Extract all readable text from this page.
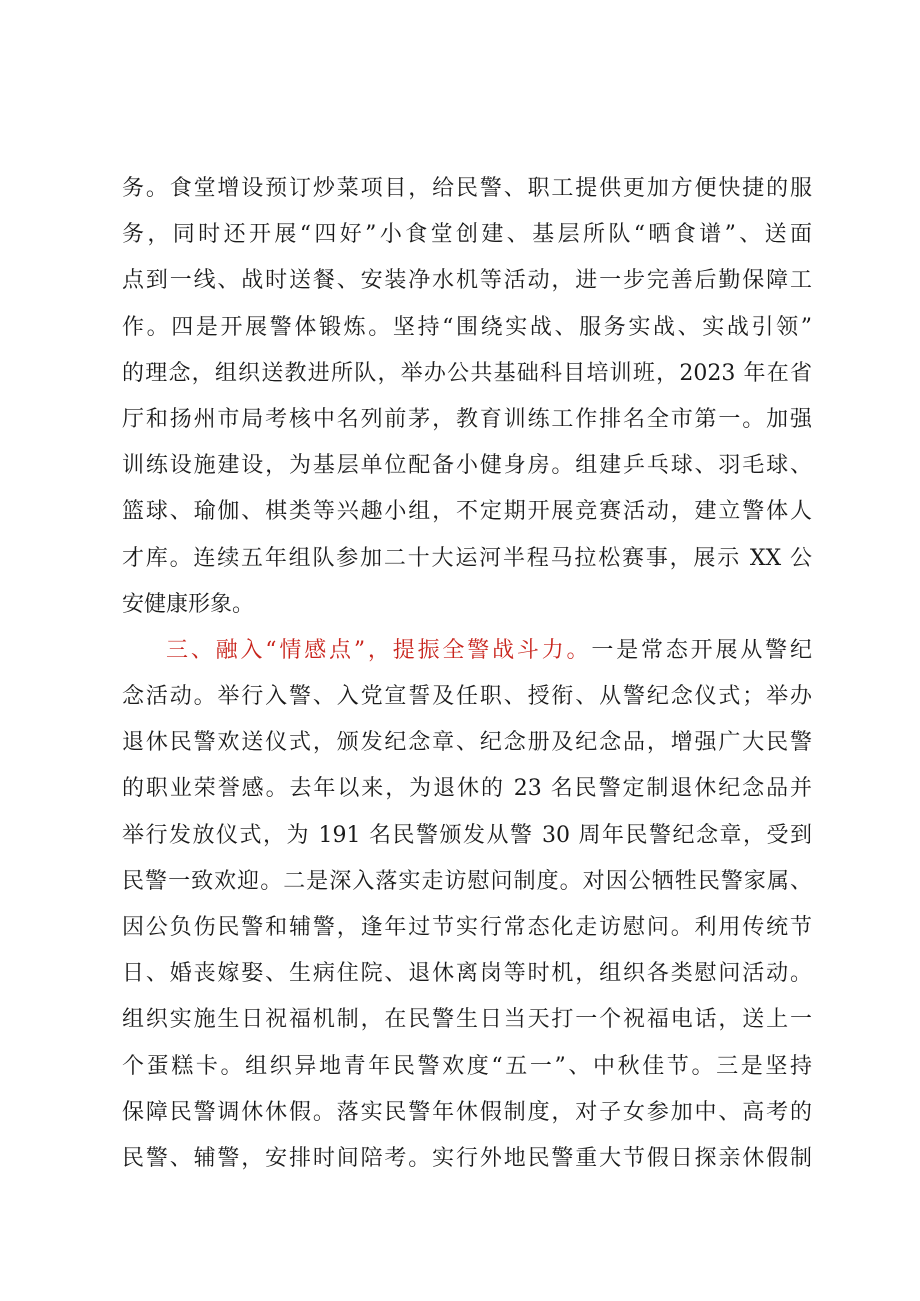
务。食堂增设预订炒菜项目，给民警、职工提供更加方便快捷的服
务，同时还开展“四好”小食堂创建、基层所队“晒食谱”、送面
点到一线、战时送餐、安装净水机等活动，进一步完善后勤保障工
作。四是开展警体锻炼。坚持“围绕实战、服务实战、实战引领”
的理念，组织送教进所队，举办公共基础科目培训班，2023 年在省
厅和扬州市局考核中名列前茅，教育训练工作排名全市第一。加强
训练设施建设，为基层单位配备小健身房。组建乒乓球、羽毛球、
篮球、瑜伽、棋类等兴趣小组，不定期开展竞赛活动，建立警体人
才库。连续五年组队参加二十大运河半程马拉松赛事，展示 XX 公
安健康形象。
三、融入“情感点”，提振全警战斗力。一是常态开展从警纪
念活动。举行入警、入党宣誓及任职、授衔、从警纪念仪式；举办
退休民警欢送仪式，颁发纪念章、纪念册及纪念品，增强广大民警
的职业荣誉感。去年以来，为退休的 23 名民警定制退休纪念品并
举行发放仪式，为 191 名民警颁发从警 30 周年民警纪念章，受到
民警一致欢迎。二是深入落实走访慰问制度。对因公牺牲民警家属、
因公负伤民警和辅警，逢年过节实行常态化走访慰问。利用传统节
日、婚丧嫁娶、生病住院、退休离岗等时机，组织各类慰问活动。
组织实施生日祝福机制，在民警生日当天打一个祝福电话，送上一
个蛋糕卡。组织异地青年民警欢度“五一”、中秋佳节。三是坚持
保障民警调休休假。落实民警年休假制度，对子女参加中、高考的
民警、辅警，安排时间陪考。实行外地民警重大节假日探亲休假制
